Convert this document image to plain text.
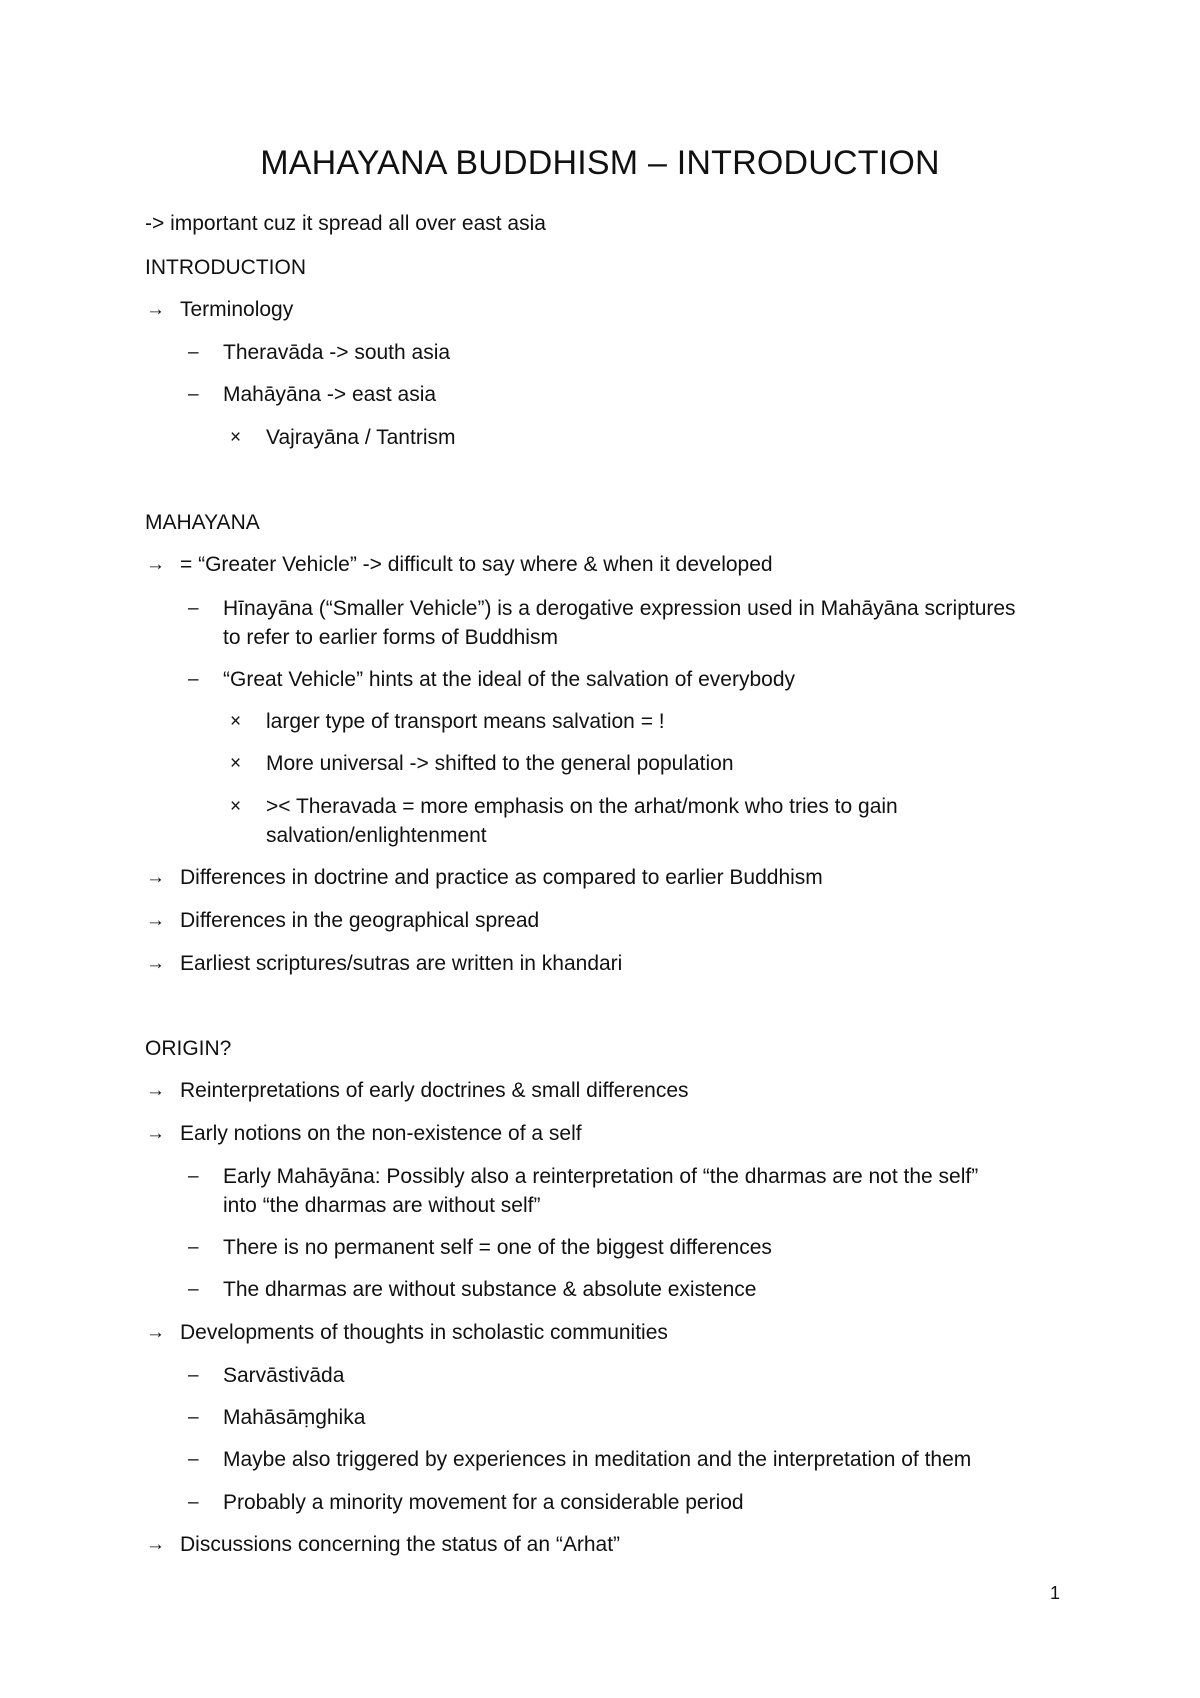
MAHAYANA BUDDHISM – INTRODUCTION
-> important cuz it spread all over east asia
INTRODUCTION
→ Terminology
– Theravāda -> south asia
– Mahāyāna -> east asia
× Vajrayāna / Tantrism
MAHAYANA
→ = “Greater Vehicle” -> difficult to say where & when it developed
– Hīnayāna (“Smaller Vehicle”) is a derogative expression used in Mahāyāna scriptures
to refer to earlier forms of Buddhism
– “Great Vehicle” hints at the ideal of the salvation of everybody
× larger type of transport means salvation = !
× More universal -> shifted to the general population
× >< Theravada = more emphasis on the arhat/monk who tries to gain
salvation/enlightenment
→ Differences in doctrine and practice as compared to earlier Buddhism
→ Differences in the geographical spread
→ Earliest scriptures/sutras are written in khandari
ORIGIN?
→ Reinterpretations of early doctrines & small differences
→ Early notions on the non-existence of a self
– Early Mahāyāna: Possibly also a reinterpretation of “the dharmas are not the self”
into “the dharmas are without self”
– There is no permanent self = one of the biggest differences
– The dharmas are without substance & absolute existence
→ Developments of thoughts in scholastic communities
– Sarvāstivāda
– Mahāsāṃghika
– Maybe also triggered by experiences in meditation and the interpretation of them
– Probably a minority movement for a considerable period
→ Discussions concerning the status of an “Arhat”
1
